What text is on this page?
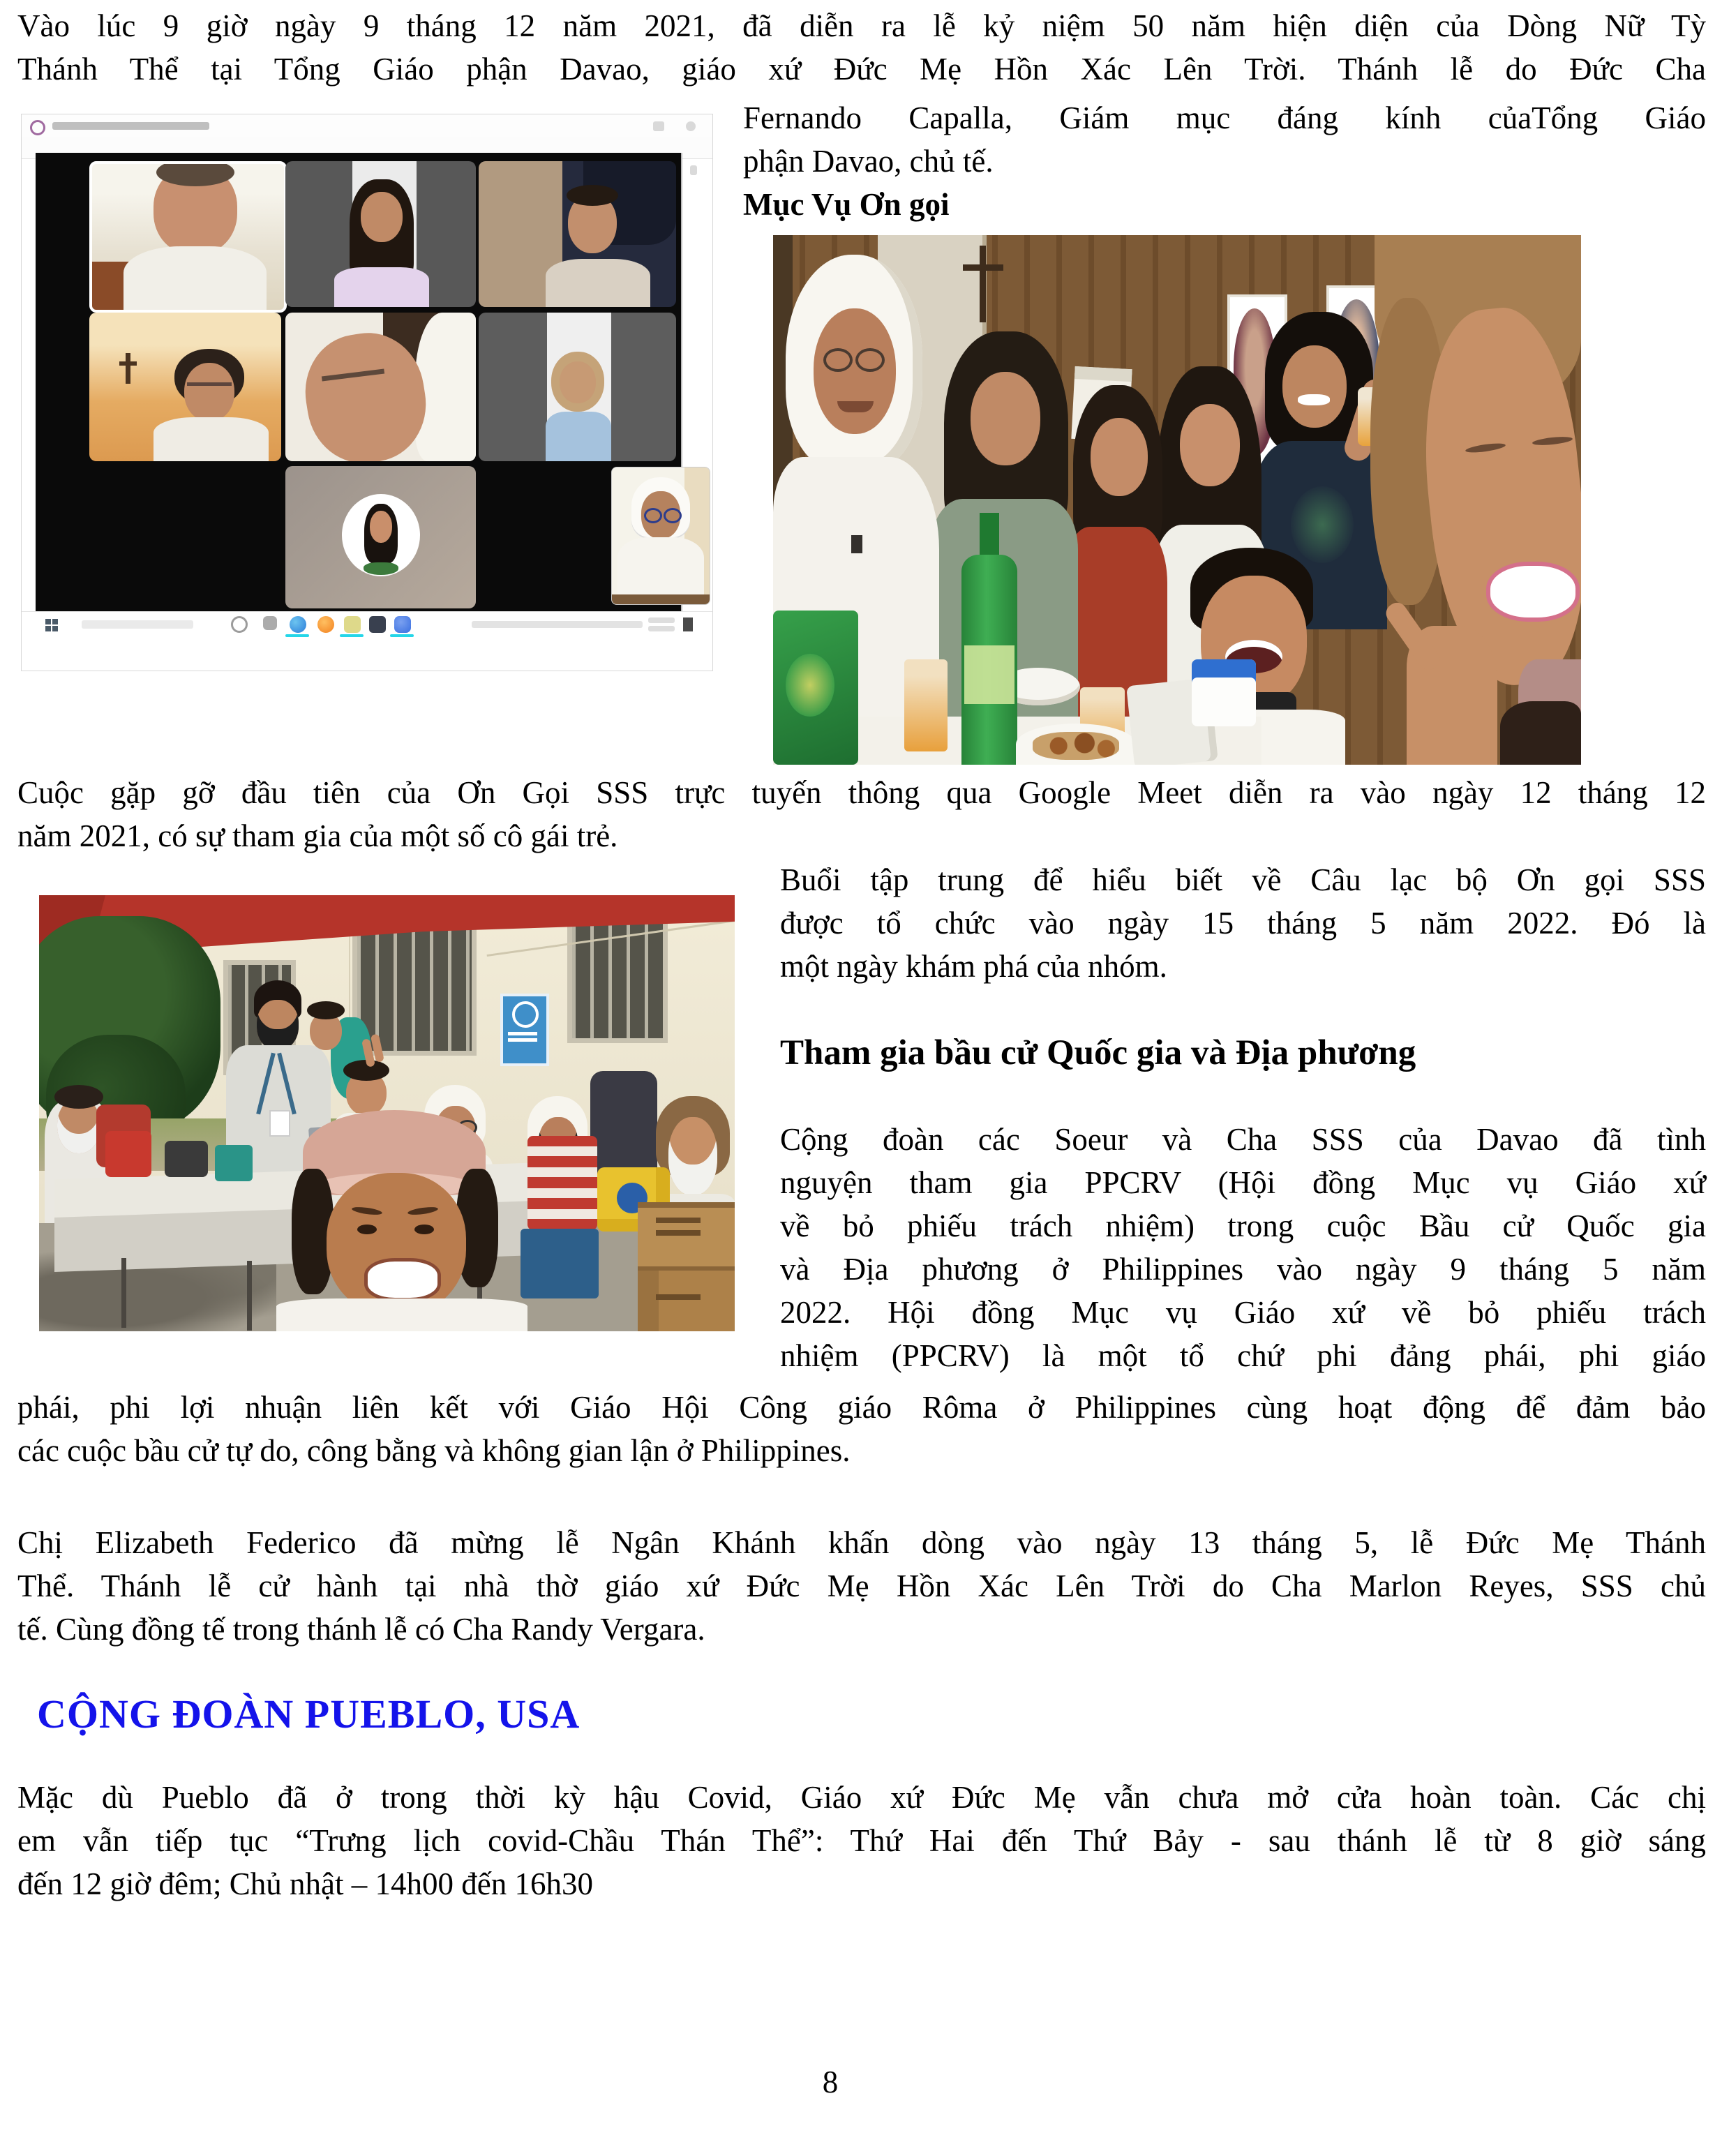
Vào lúc 9 giờ ngày 9 tháng 12 năm 2021, đã diễn ra lễ kỷ niệm 50 năm hiện diện của Dòng Nữ Tỳ
Thánh Thể tại Tổng Giáo phận Davao, giáo xứ Đức Mẹ Hồn Xác Lên Trời. Thánh lễ do Đức Cha
Fernando Capalla, Giám mục đáng kính củaTổng Giáo
phận Davao, chủ tế.
Mục Vụ Ơn gọi
Cuộc gặp gỡ đầu tiên của Ơn Gọi SSS trực tuyến thông qua Google Meet diễn ra vào ngày 12 tháng 12
năm 2021, có sự tham gia của một số cô gái trẻ.
Buổi tập trung để hiểu biết về Câu lạc bộ Ơn gọi SSS
được tổ chức vào ngày 15 tháng 5 năm 2022. Đó là
một ngày khám phá của nhóm.
Tham gia bầu cử Quốc gia và Địa phương
Cộng đoàn các Soeur và Cha SSS của Davao đã tình
nguyện tham gia PPCRV (Hội đồng Mục vụ Giáo xứ
về bỏ phiếu trách nhiệm) trong cuộc Bầu cử Quốc gia
và Địa phương ở Philippines vào ngày 9 tháng 5 năm
2022. Hội đồng Mục vụ Giáo xứ về bỏ phiếu trách
nhiệm (PPCRV) là một tổ chứ phi đảng phái, phi giáo
phái, phi lợi nhuận liên kết với Giáo Hội Công giáo Rôma ở Philippines cùng hoạt động để đảm bảo
các cuộc bầu cử tự do, công bằng và không gian lận ở Philippines.
Chị Elizabeth Federico đã mừng lễ Ngân Khánh khấn dòng vào ngày 13 tháng 5, lễ Đức Mẹ Thánh
Thể. Thánh lễ cử hành tại nhà thờ giáo xứ Đức Mẹ Hồn Xác Lên Trời do Cha Marlon Reyes, SSS chủ
tế. Cùng đồng tế trong thánh lễ có Cha Randy Vergara.
CỘNG ĐOÀN PUEBLO, USA
Mặc dù Pueblo đã ở trong thời kỳ hậu Covid, Giáo xứ Đức Mẹ vẫn chưa mở cửa hoàn toàn. Các chị
em vẫn tiếp tục “Trưng lịch covid-Chầu Thán Thể”: Thứ Hai đến Thứ Bảy - sau thánh lễ từ 8 giờ sáng
đến 12 giờ đêm; Chủ nhật – 14h00 đến 16h30
8
